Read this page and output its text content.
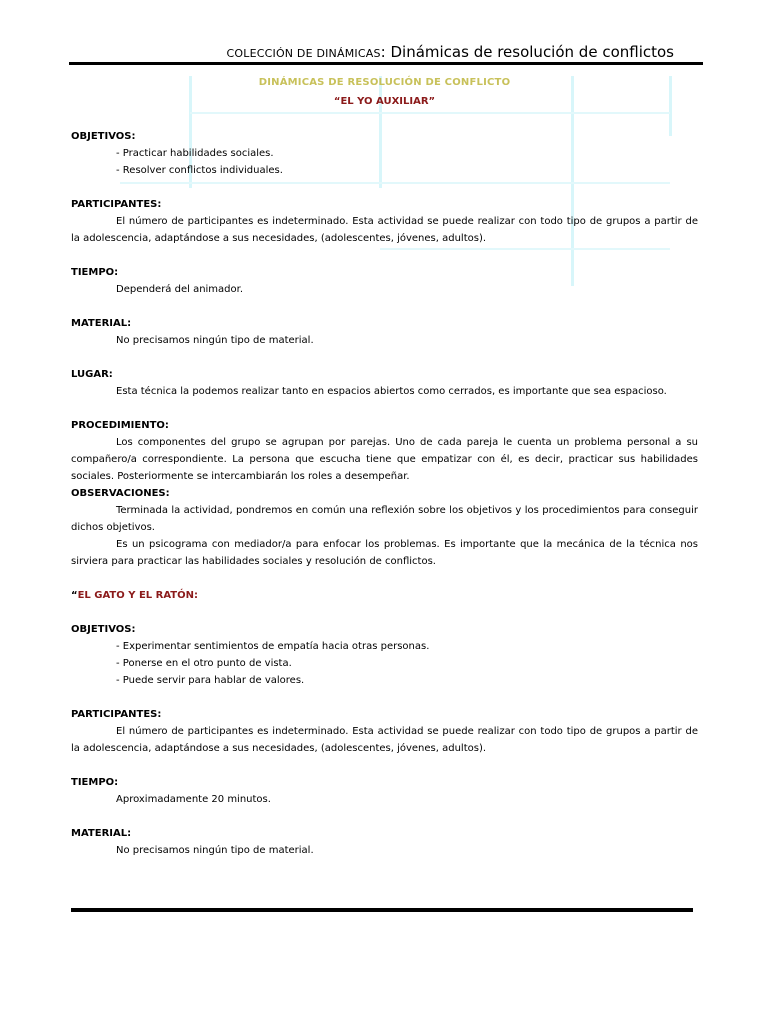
COLECCIÓN DE DINÁMICAS: Dinámicas de resolución de conflictos
DINÁMICAS DE RESOLUCIÓN DE CONFLICTO
“EL YO AUXILIAR”
OBJETIVOS:
- Practicar habilidades sociales.
- Resolver conflictos individuales.
PARTICIPANTES:
El número de participantes es indeterminado. Esta actividad se puede realizar con todo tipo de grupos a partir de la adolescencia, adaptándose a sus necesidades, (adolescentes, jóvenes, adultos).
TIEMPO:
Dependerá del animador.
MATERIAL:
No precisamos ningún tipo de material.
LUGAR:
Esta técnica la podemos realizar tanto en espacios abiertos como cerrados, es importante que sea espacioso.
PROCEDIMIENTO:
Los componentes del grupo se agrupan por parejas. Uno de cada pareja le cuenta un problema personal a su compañero/a correspondiente. La persona que escucha tiene que empatizar con él, es decir, practicar sus habilidades sociales. Posteriormente se intercambiarán los roles a desempeñar.
OBSERVACIONES:
Terminada la actividad, pondremos en común una reflexión sobre los objetivos y los procedimientos para conseguir dichos objetivos.
Es un psicograma con mediador/a para enfocar los problemas. Es importante que la mecánica de la técnica nos sirviera para practicar las habilidades sociales y resolución de conflictos.
“EL GATO Y EL RATÓN:
OBJETIVOS:
- Experimentar sentimientos de empatía hacia otras personas.
- Ponerse en el otro punto de vista.
- Puede servir para hablar de valores.
PARTICIPANTES:
El número de participantes es indeterminado. Esta actividad se puede realizar con todo tipo de grupos a partir de la adolescencia, adaptándose a sus necesidades, (adolescentes, jóvenes, adultos).
TIEMPO:
Aproximadamente 20 minutos.
MATERIAL:
No precisamos ningún tipo de material.
